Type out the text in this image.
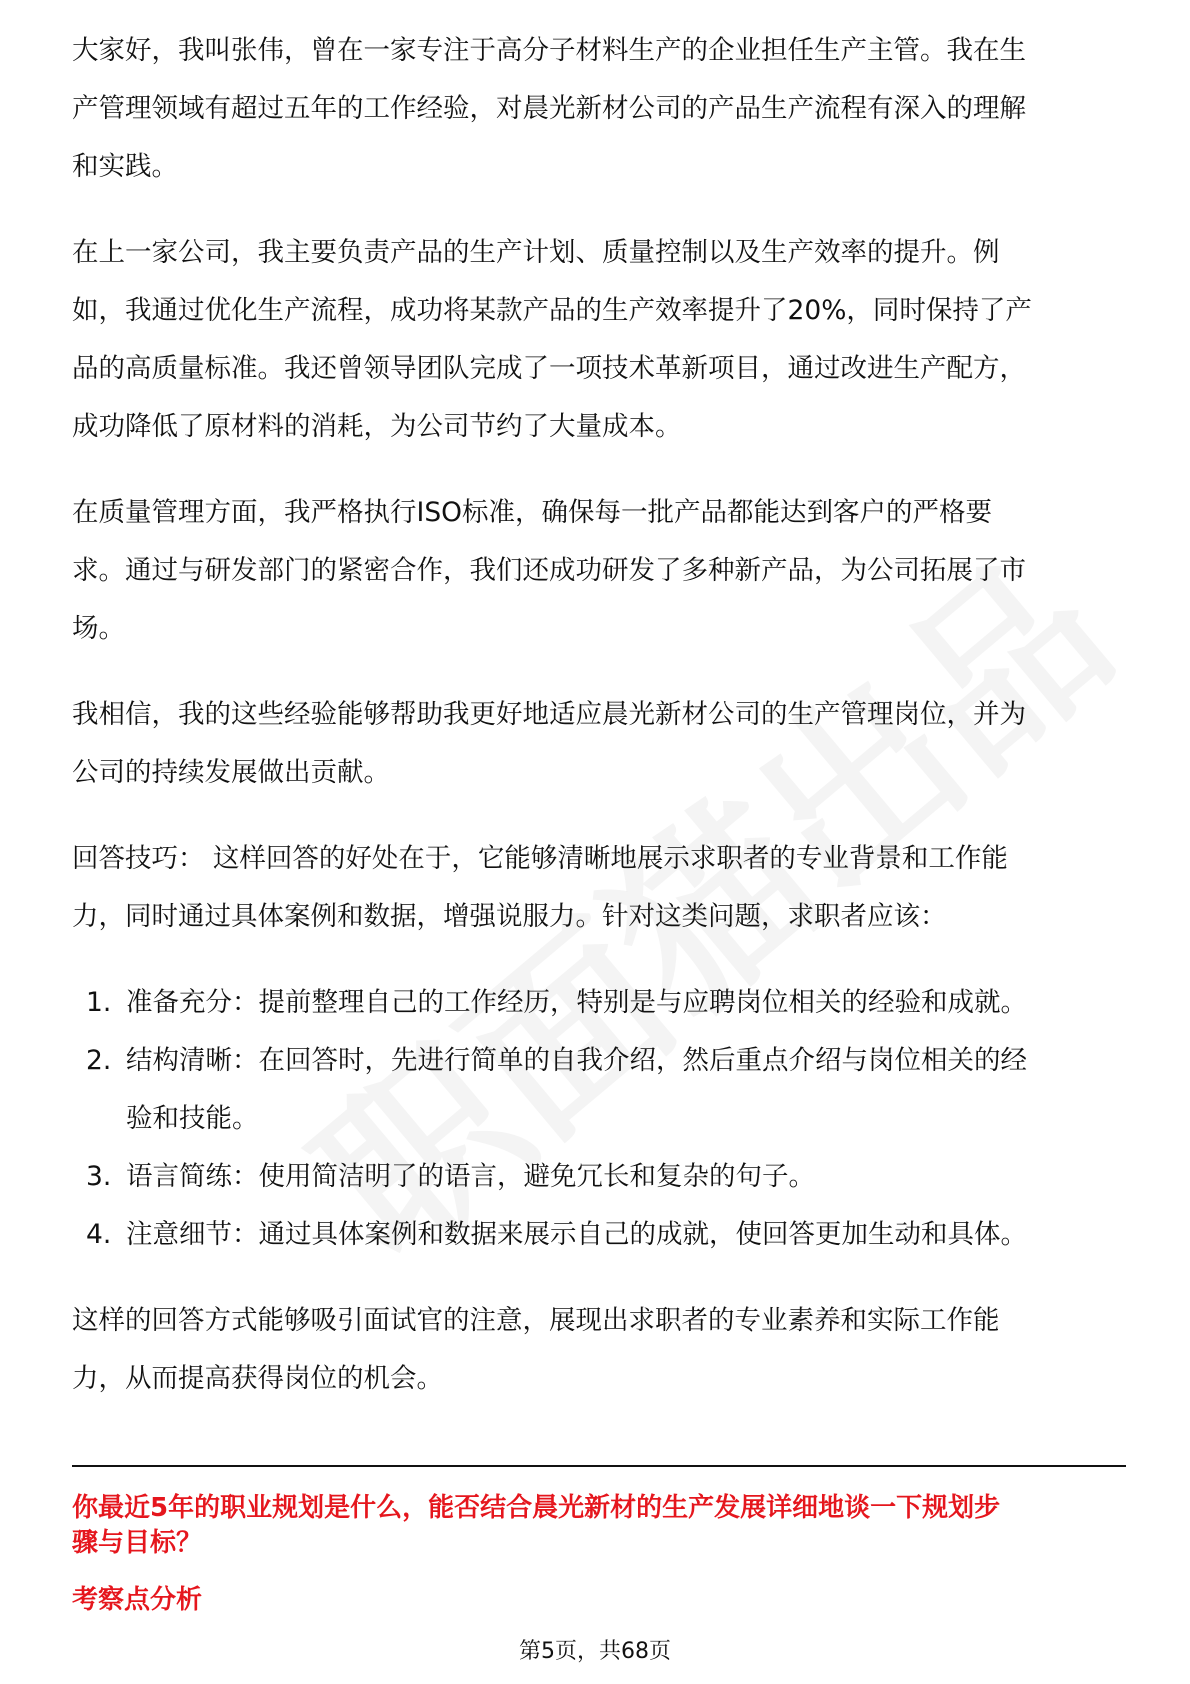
大家好，我叫张伟，曾在一家专注于高分子材料生产的企业担任生产主管。我在生
产管理领域有超过五年的工作经验，对晨光新材公司的产品生产流程有深入的理解
和实践。
在上一家公司，我主要负责产品的生产计划、质量控制以及生产效率的提升。例
如，我通过优化生产流程，成功将某款产品的生产效率提升了20%，同时保持了产
品的高质量标准。我还曾领导团队完成了一项技术革新项目，通过改进生产配方，
成功降低了原材料的消耗，为公司节约了大量成本。
在质量管理方面，我严格执行ISO标准，确保每一批产品都能达到客户的严格要
求。通过与研发部门的紧密合作，我们还成功研发了多种新产品，为公司拓展了市
场。
我相信，我的这些经验能够帮助我更好地适应晨光新材公司的生产管理岗位，并为
公司的持续发展做出贡献。
回答技巧： 这样回答的好处在于，它能够清晰地展示求职者的专业背景和工作能
力，同时通过具体案例和数据，增强说服力。针对这类问题，求职者应该：
1. 准备充分：提前整理自己的工作经历，特别是与应聘岗位相关的经验和成就。
2. 结构清晰：在回答时，先进行简单的自我介绍，然后重点介绍与岗位相关的经
验和技能。
3. 语言简练：使用简洁明了的语言，避免冗长和复杂的句子。
4. 注意细节：通过具体案例和数据来展示自己的成就，使回答更加生动和具体。
这样的回答方式能够吸引面试官的注意，展现出求职者的专业素养和实际工作能
力，从而提高获得岗位的机会。
你最近5年的职业规划是什么，能否结合晨光新材的生产发展详细地谈一下规划步
骤与目标？
考察点分析
第5页，共68页
